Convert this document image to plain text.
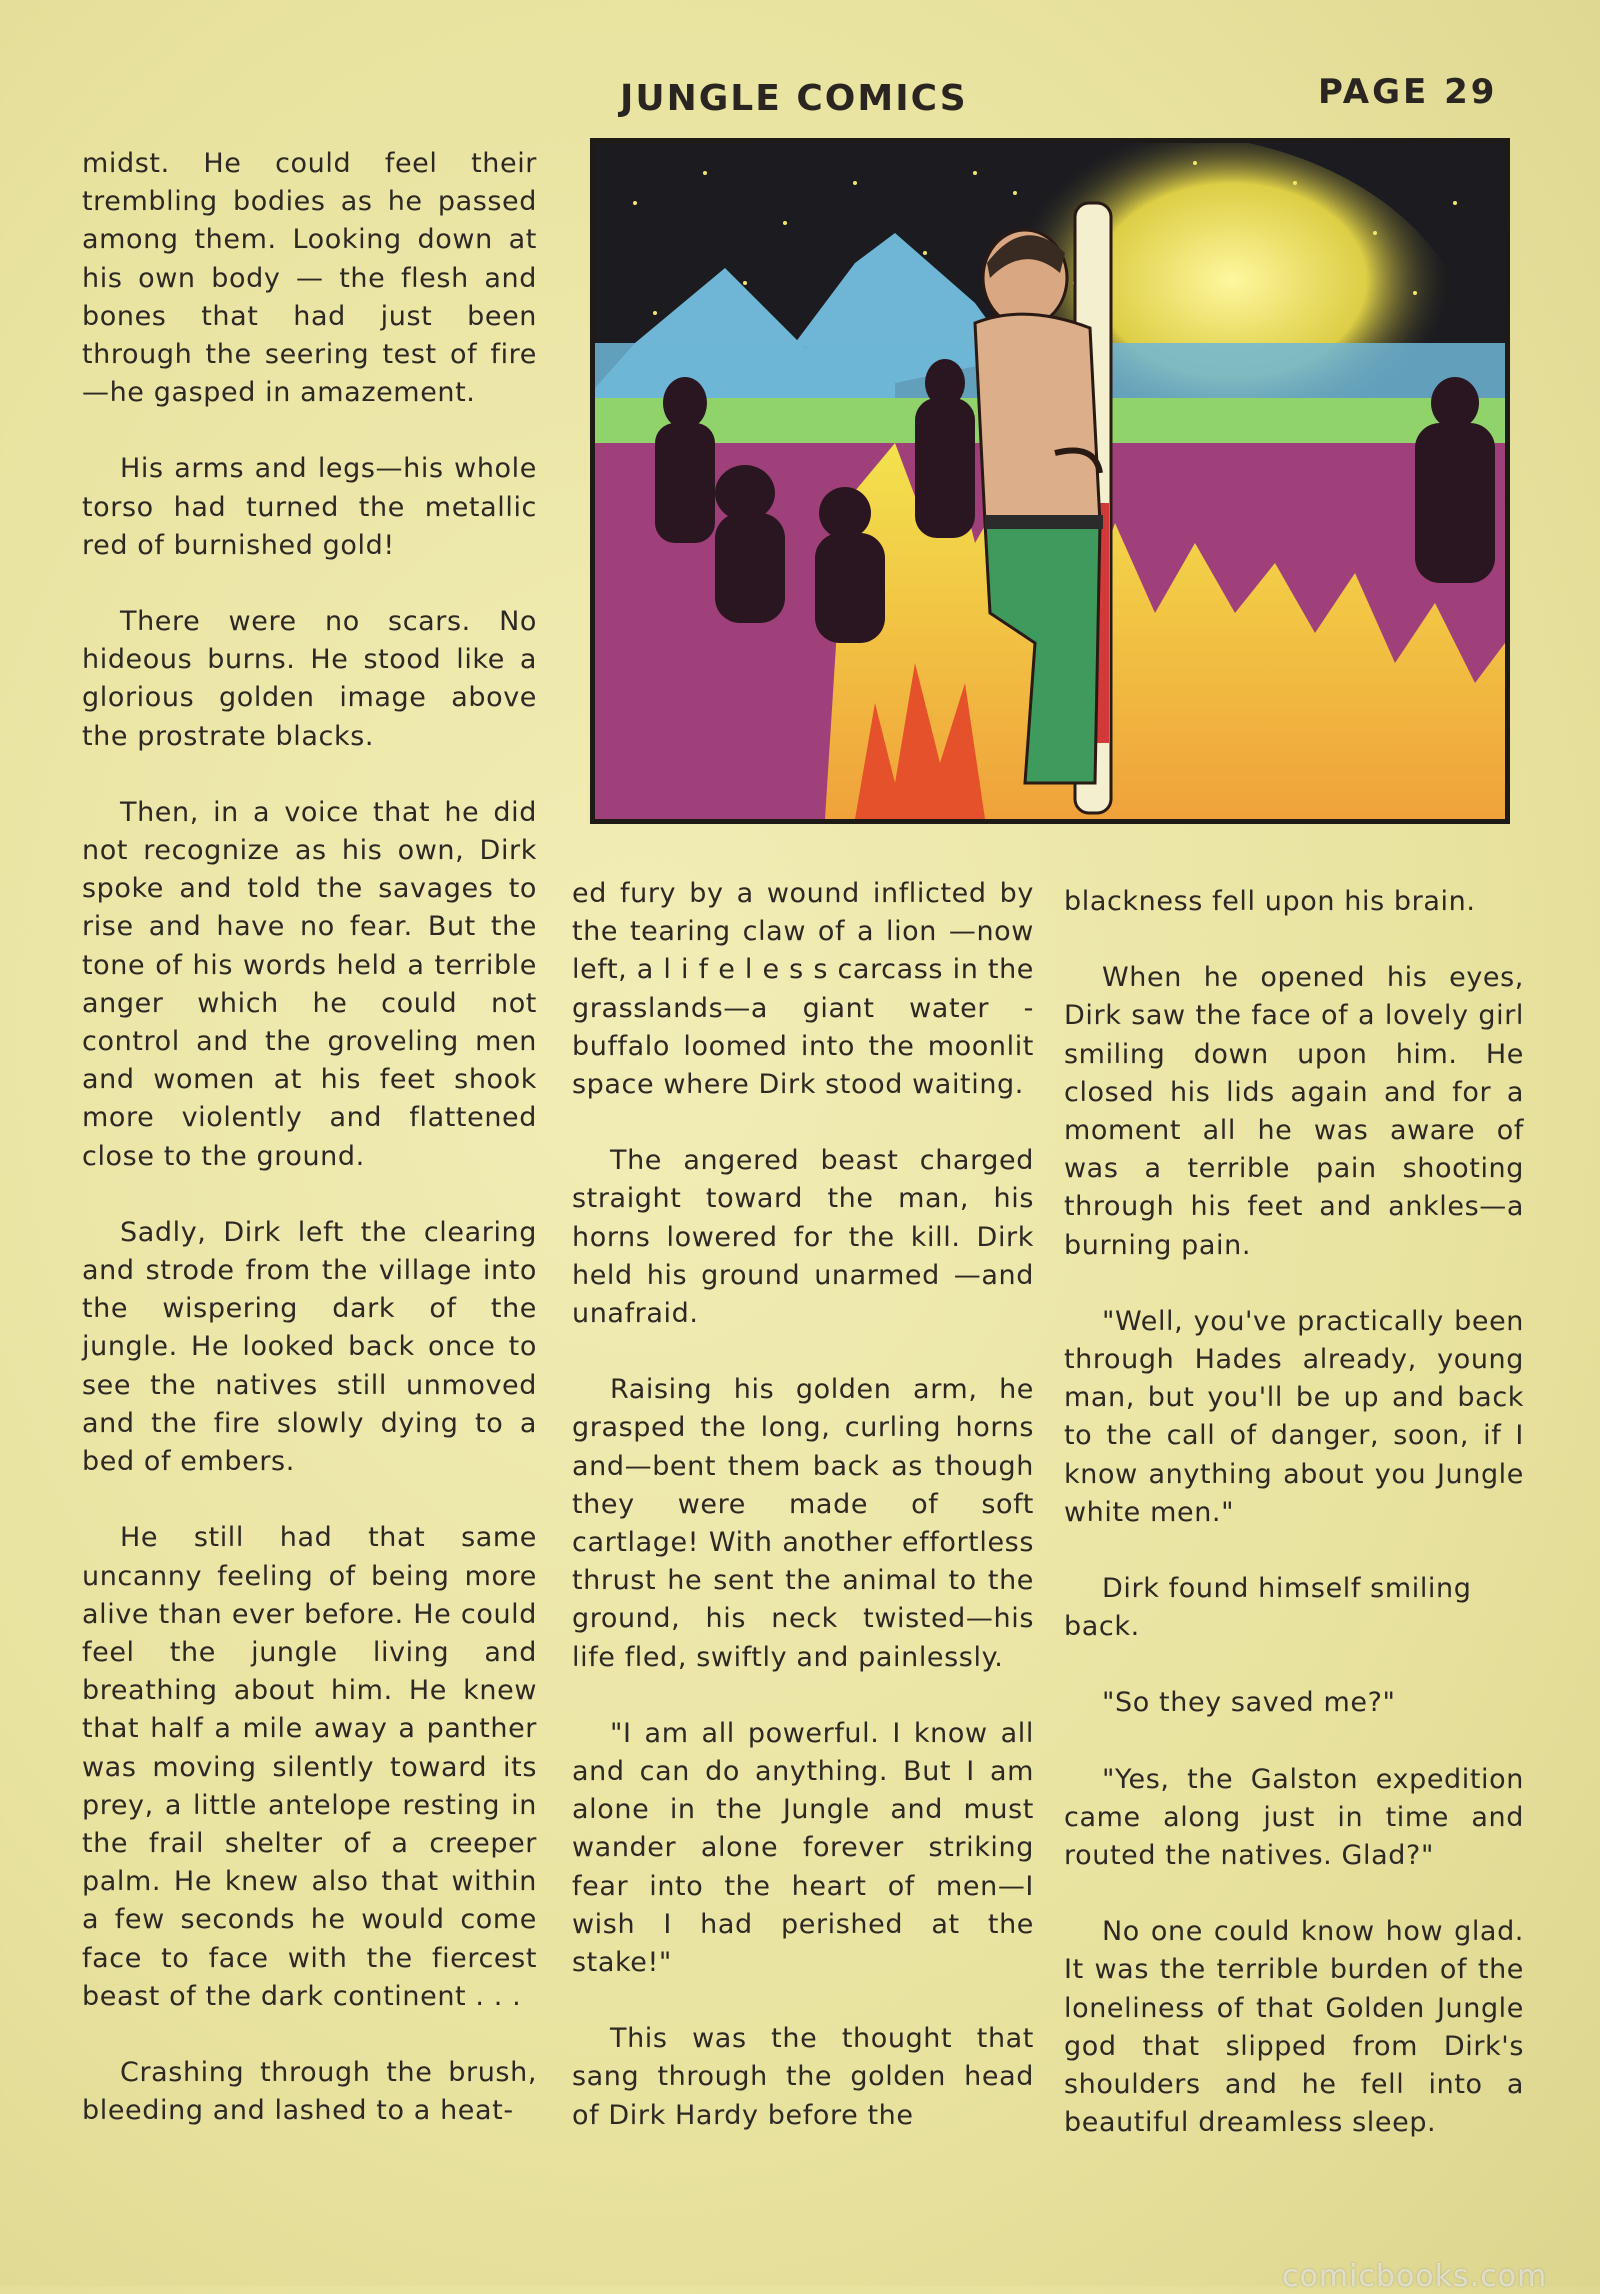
JUNGLE COMICS	PAGE 29

midst. He could feel their trembling bodies as he passed among them. Looking down at his own body — the flesh and bones that had just been through the seering test of fire—he gasped in amazement.

His arms and legs—his whole torso had turned the metallic red of burnished gold!

There were no scars. No hideous burns. He stood like a glorious golden image above the prostrate blacks.

Then, in a voice that he did not recognize as his own, Dirk spoke and told the savages to rise and have no fear. But the tone of his words held a terrible anger which he could not control and the groveling men and women at his feet shook more violently and flattened close to the ground.

Sadly, Dirk left the clearing and strode from the village into the wispering dark of the jungle. He looked back once to see the natives still unmoved and the fire slowly dying to a bed of embers.

He still had that same uncanny feeling of being more alive than ever before. He could feel the jungle living and breathing about him. He knew that half a mile away a panther was moving silently toward its prey, a little antelope resting in the frail shelter of a creeper palm. He knew also that within a few seconds he would come face to face with the fiercest beast of the dark continent . . .

Crashing through the brush, bleeding and lashed to a heat-

ed fury by a wound inflicted by the tearing claw of a lion —now left, a l i f e l e s s carcass in the grasslands—a giant water - buffalo loomed into the moonlit space where Dirk stood waiting.

The angered beast charged straight toward the man, his horns lowered for the kill. Dirk held his ground unarmed —and unafraid.

Raising his golden arm, he grasped the long, curling horns and—bent them back as though they were made of soft cartlage! With another effortless thrust he sent the animal to the ground, his neck twisted—his life fled, swiftly and painlessly.

"I am all powerful. I know all and can do anything. But I am alone in the Jungle and must wander alone forever striking fear into the heart of men—I wish I had perished at the stake!"

This was the thought that sang through the golden head of Dirk Hardy before the

blackness fell upon his brain.

When he opened his eyes, Dirk saw the face of a lovely girl smiling down upon him. He closed his lids again and for a moment all he was aware of was a terrible pain shooting through his feet and ankles—a burning pain.

"Well, you've practically been through Hades already, young man, but you'll be up and back to the call of danger, soon, if I know anything about you Jungle white men."

Dirk found himself smiling back.

"So they saved me?"

"Yes, the Galston expedition came along just in time and routed the natives. Glad?"

No one could know how glad. It was the terrible burden of the loneliness of that Golden Jungle god that slipped from Dirk's shoulders and he fell into a beautiful dreamless sleep.

comicbooks.com
